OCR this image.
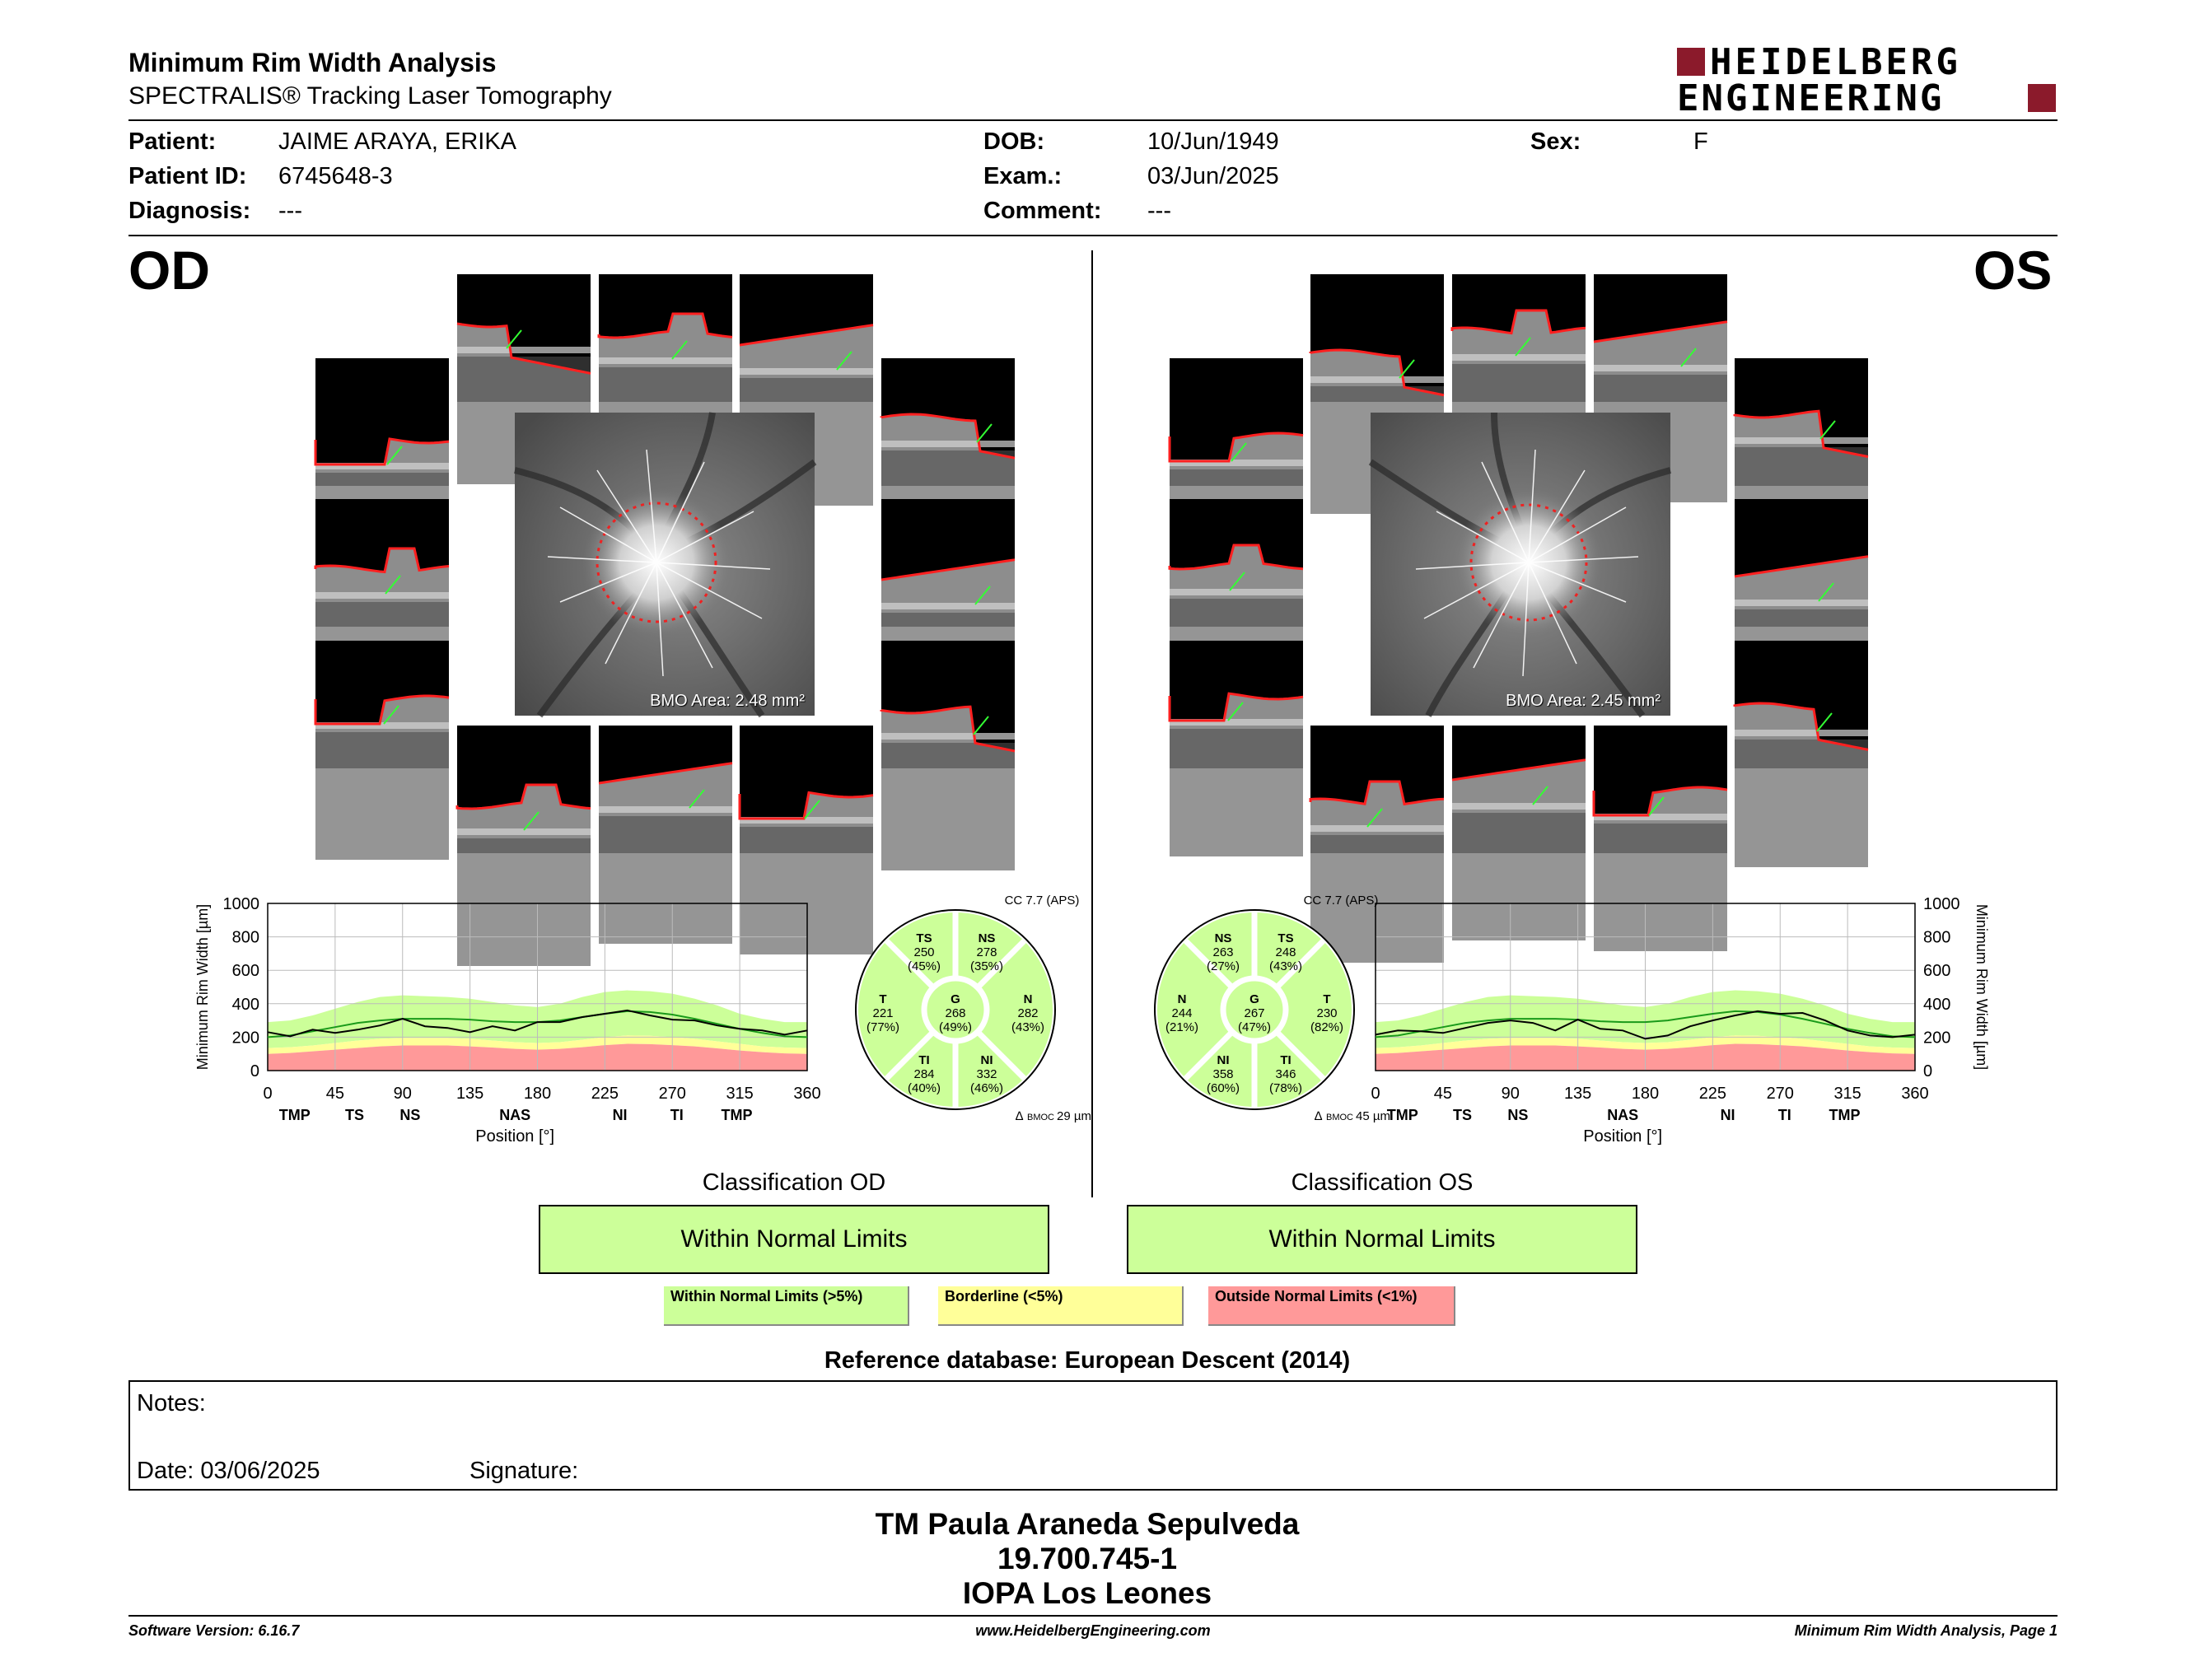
Minimum Rim Width Analysis
SPECTRALIS® Tracking Laser Tomography
HEIDELBERG
ENGINEERING
Patient:	JAIME ARAYA, ERIKA
Patient ID: 6745648-3
Diagnosis: ---
DOB:	10/Jun/1949
Exam.:	03/Jun/2025
Comment: ---
Sex:	F
OD	OS
BMO Area: 2.48 mm²	BMO Area: 2.45 mm²
0
200
400
600
800
1000
0	45	90	135 180 225 270 315 360
TMP TS NS	NAS	NI	TI	TMP
Position [°]
Minimum Rim Width [µm]
0
200
400
600
800
1000
0	45	90	135 180 225 270 315 360
TMP TS NS	NAS	NI	TI	TMP
Position [°]
Minimum Rim Width [µm]
CC 7.7 (APS)
TS
250
(45%)
NS
278
(35%)
T
221
(77%)
G
268
(49%)
N
282
(43%)
TI
284
(40%)
NI
332
(46%)
∆ BMOC 29 µm
CC 7.7 (APS)
NS
263
(27%)
TS
248
(43%)
N
244
(21%)
G
267
(47%)
T
230
(82%)
NI
358
(60%)
TI
346
(78%)
∆ BMOC 45 µm
Classification OD
Within Normal Limits
Classification OS
Within Normal Limits
Within Normal Limits (>5%)	Borderline (<5%)	Outside Normal Limits (<1%)
Reference database: European Descent (2014)
Notes:
Date: 03/06/2025	Signature:
TM Paula Araneda Sepulveda
19.700.745-1
IOPA Los Leones
Software Version: 6.16.7	www.HeidelbergEngineering.com	Minimum Rim Width Analysis, Page 1
